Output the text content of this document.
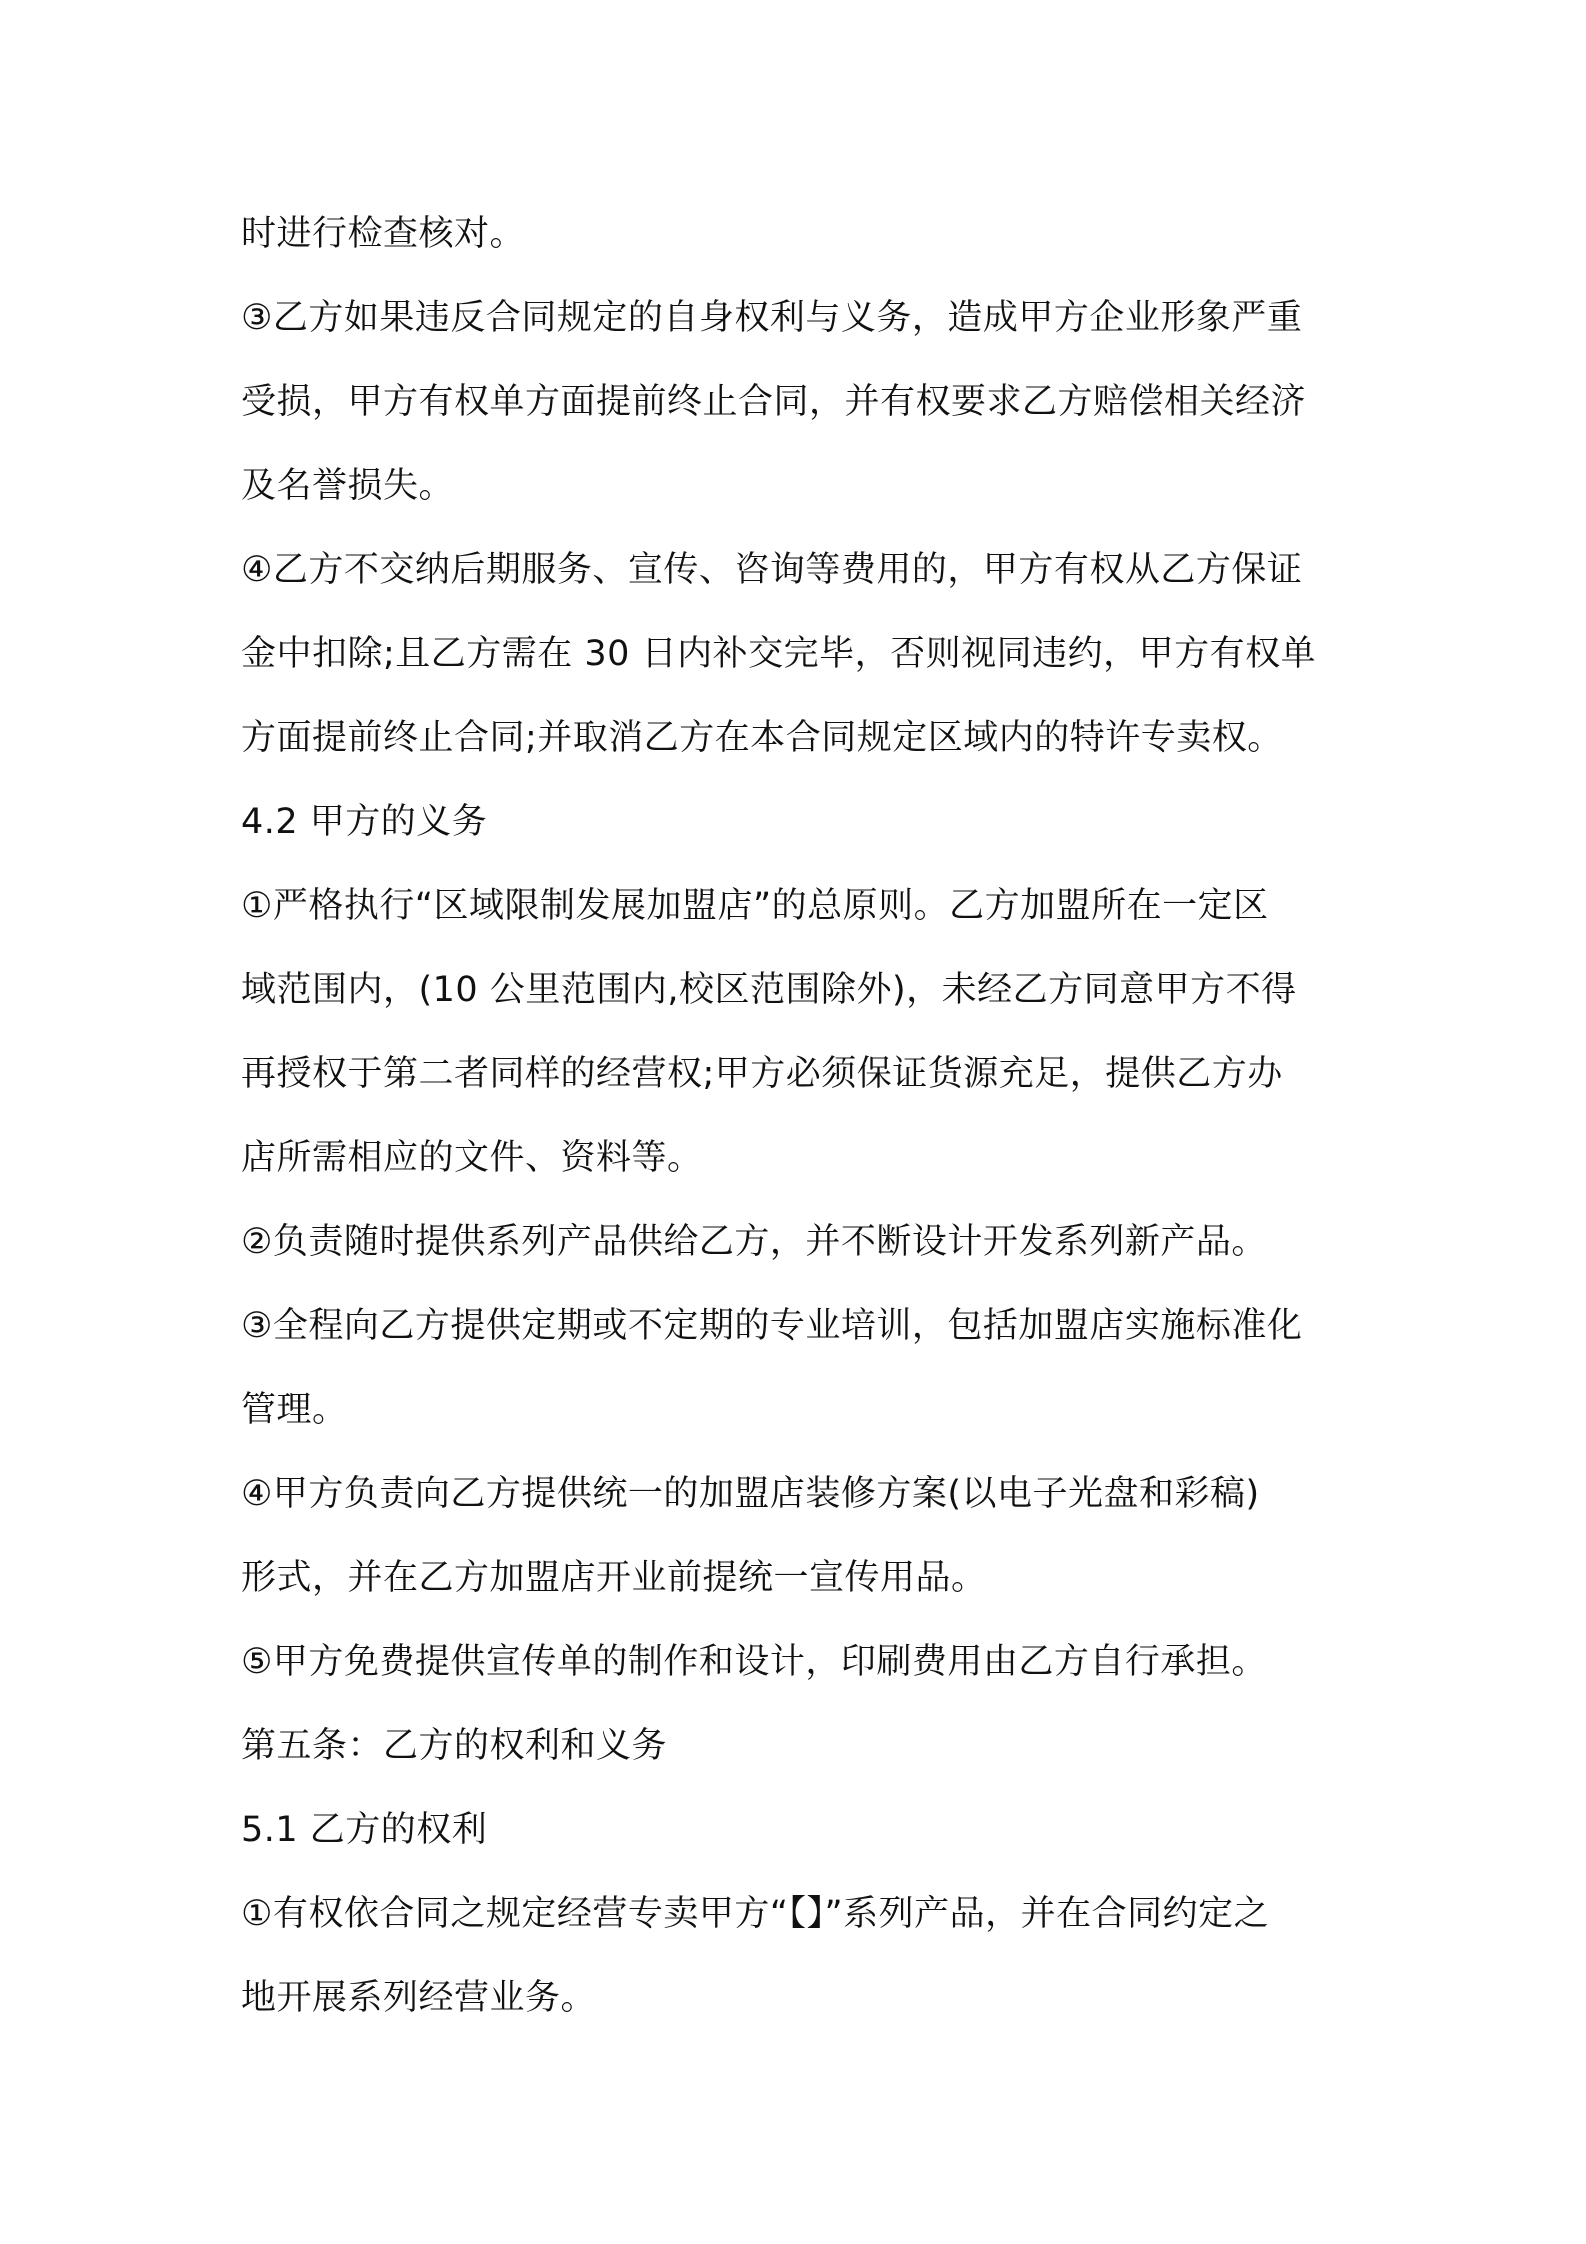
时进行检查核对。

③乙方如果违反合同规定的自身权利与义务，造成甲方企业形象严重

受损，甲方有权单方面提前终止合同，并有权要求乙方赔偿相关经济

及名誉损失。

④乙方不交纳后期服务、宣传、咨询等费用的，甲方有权从乙方保证

金中扣除;且乙方需在 30 日内补交完毕，否则视同违约，甲方有权单

方面提前终止合同;并取消乙方在本合同规定区域内的特许专卖权。

4.2 甲方的义务

①严格执行“区域限制发展加盟店”的总原则。乙方加盟所在一定区

域范围内，(10 公里范围内,校区范围除外)，未经乙方同意甲方不得

再授权于第二者同样的经营权;甲方必须保证货源充足，提供乙方办

店所需相应的文件、资料等。

②负责随时提供系列产品供给乙方，并不断设计开发系列新产品。

③全程向乙方提供定期或不定期的专业培训，包括加盟店实施标准化

管理。

④甲方负责向乙方提供统一的加盟店装修方案(以电子光盘和彩稿)

形式，并在乙方加盟店开业前提统一宣传用品。

⑤甲方免费提供宣传单的制作和设计，印刷费用由乙方自行承担。

第五条：乙方的权利和义务

5.1 乙方的权利

①有权依合同之规定经营专卖甲方“【】”系列产品，并在合同约定之

地开展系列经营业务。
